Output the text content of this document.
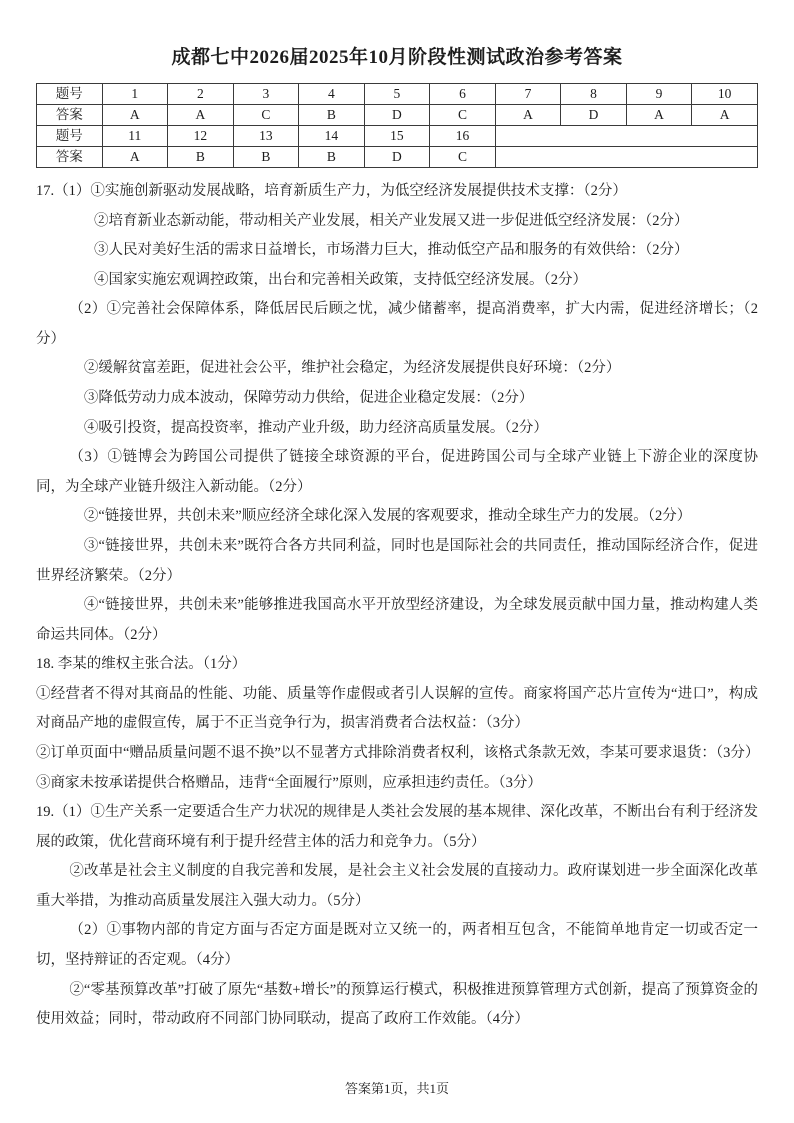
成都七中2026届2025年10月阶段性测试政治参考答案
题号	1	2	3	4	5	6	7	8	9	10
答案	A	A	C	B	D	C	A	D	A	A
题号	11	12	13	14	15	16				
答案	A	B	B	B	D	C				

17.（1）①实施创新驱动发展战略，培育新质生产力，为低空经济发展提供技术支撑：（2分）

②培育新业态新动能，带动相关产业发展，相关产业发展又进一步促进低空经济发展：（2分）

③人民对美好生活的需求日益增长，市场潜力巨大，推动低空产品和服务的有效供给：（2分）

④国家实施宏观调控政策，出台和完善相关政策，支持低空经济发展。（2分）

（2）①完善社会保障体系，降低居民后顾之忧，减少储蓄率，提高消费率，扩大内需，促进经济增长；（2分）

②缓解贫富差距，促进社会公平，维护社会稳定，为经济发展提供良好环境：（2分）

③降低劳动力成本波动，保障劳动力供给，促进企业稳定发展：（2分）

④吸引投资，提高投资率，推动产业升级，助力经济高质量发展。（2分）

（3）①链博会为跨国公司提供了链接全球资源的平台，促进跨国公司与全球产业链上下游企业的深度协同，为全球产业链升级注入新动能。（2分）

②“链接世界，共创未来”顺应经济全球化深入发展的客观要求，推动全球生产力的发展。（2分）

③“链接世界，共创未来”既符合各方共同利益，同时也是国际社会的共同责任，推动国际经济合作，促进世界经济繁荣。（2分）

④“链接世界，共创未来”能够推进我国高水平开放型经济建设，为全球发展贡献中国力量，推动构建人类命运共同体。（2分）

18. 李某的维权主张合法。（1分）

①经营者不得对其商品的性能、功能、质量等作虚假或者引人误解的宣传。商家将国产芯片宣传为“进口”，构成对商品产地的虚假宣传，属于不正当竞争行为，损害消费者合法权益：（3分）

②订单页面中“赠品质量问题不退不换”以不显著方式排除消费者权利，该格式条款无效，李某可要求退货：（3分）

③商家未按承诺提供合格赠品，违背“全面履行”原则，应承担违约责任。（3分）

19.（1）①生产关系一定要适合生产力状况的规律是人类社会发展的基本规律、深化改革，不断出台有利于经济发展的政策，优化营商环境有利于提升经营主体的活力和竞争力。（5分）

②改革是社会主义制度的自我完善和发展，是社会主义社会发展的直接动力。政府谋划进一步全面深化改革重大举措，为推动高质量发展注入强大动力。（5分）

（2）①事物内部的肯定方面与否定方面是既对立又统一的，两者相互包含，不能简单地肯定一切或否定一切，坚持辩证的否定观。（4分）

②“零基预算改革”打破了原先“基数+增长”的预算运行模式，积极推进预算管理方式创新，提高了预算资金的使用效益；同时，带动政府不同部门协同联动，提高了政府工作效能。（4分）

答案第1页，共1页
